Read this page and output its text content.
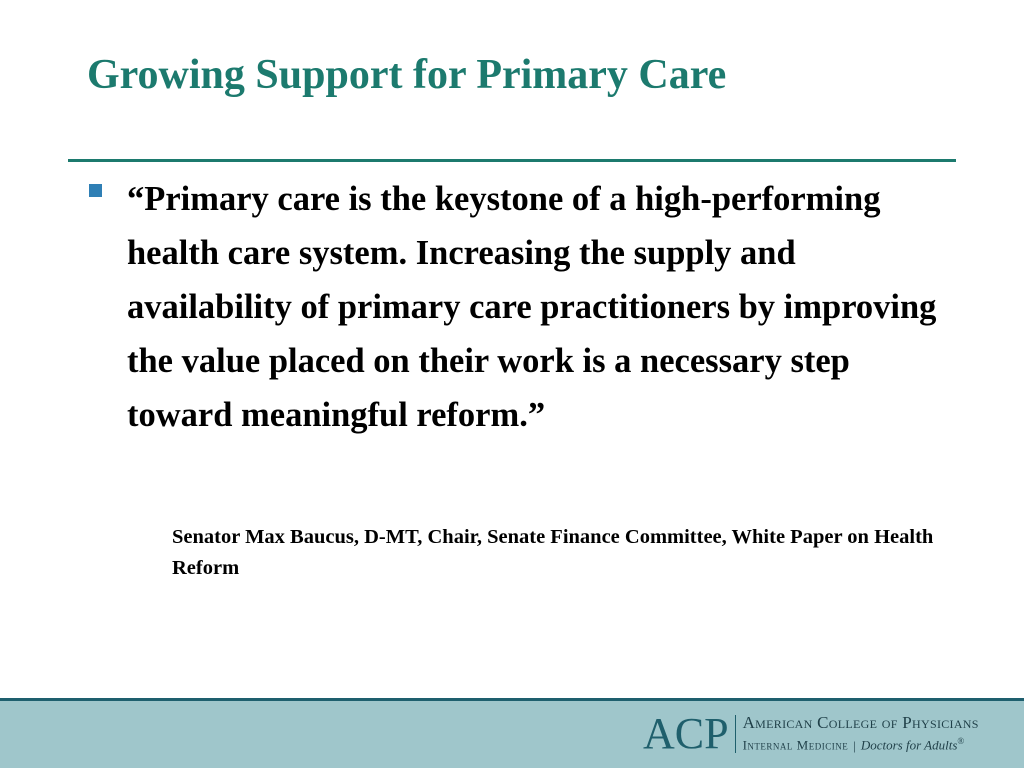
Growing Support for Primary Care

“Primary care is the keystone of a high-performing health care system. Increasing the supply and availability of primary care practitioners by improving the value placed on their work is a necessary step toward meaningful reform.”

Senator Max Baucus, D-MT, Chair, Senate Finance Committee, White Paper on Health Reform

ACP American College of Physicians
Internal Medicine | Doctors for Adults®
